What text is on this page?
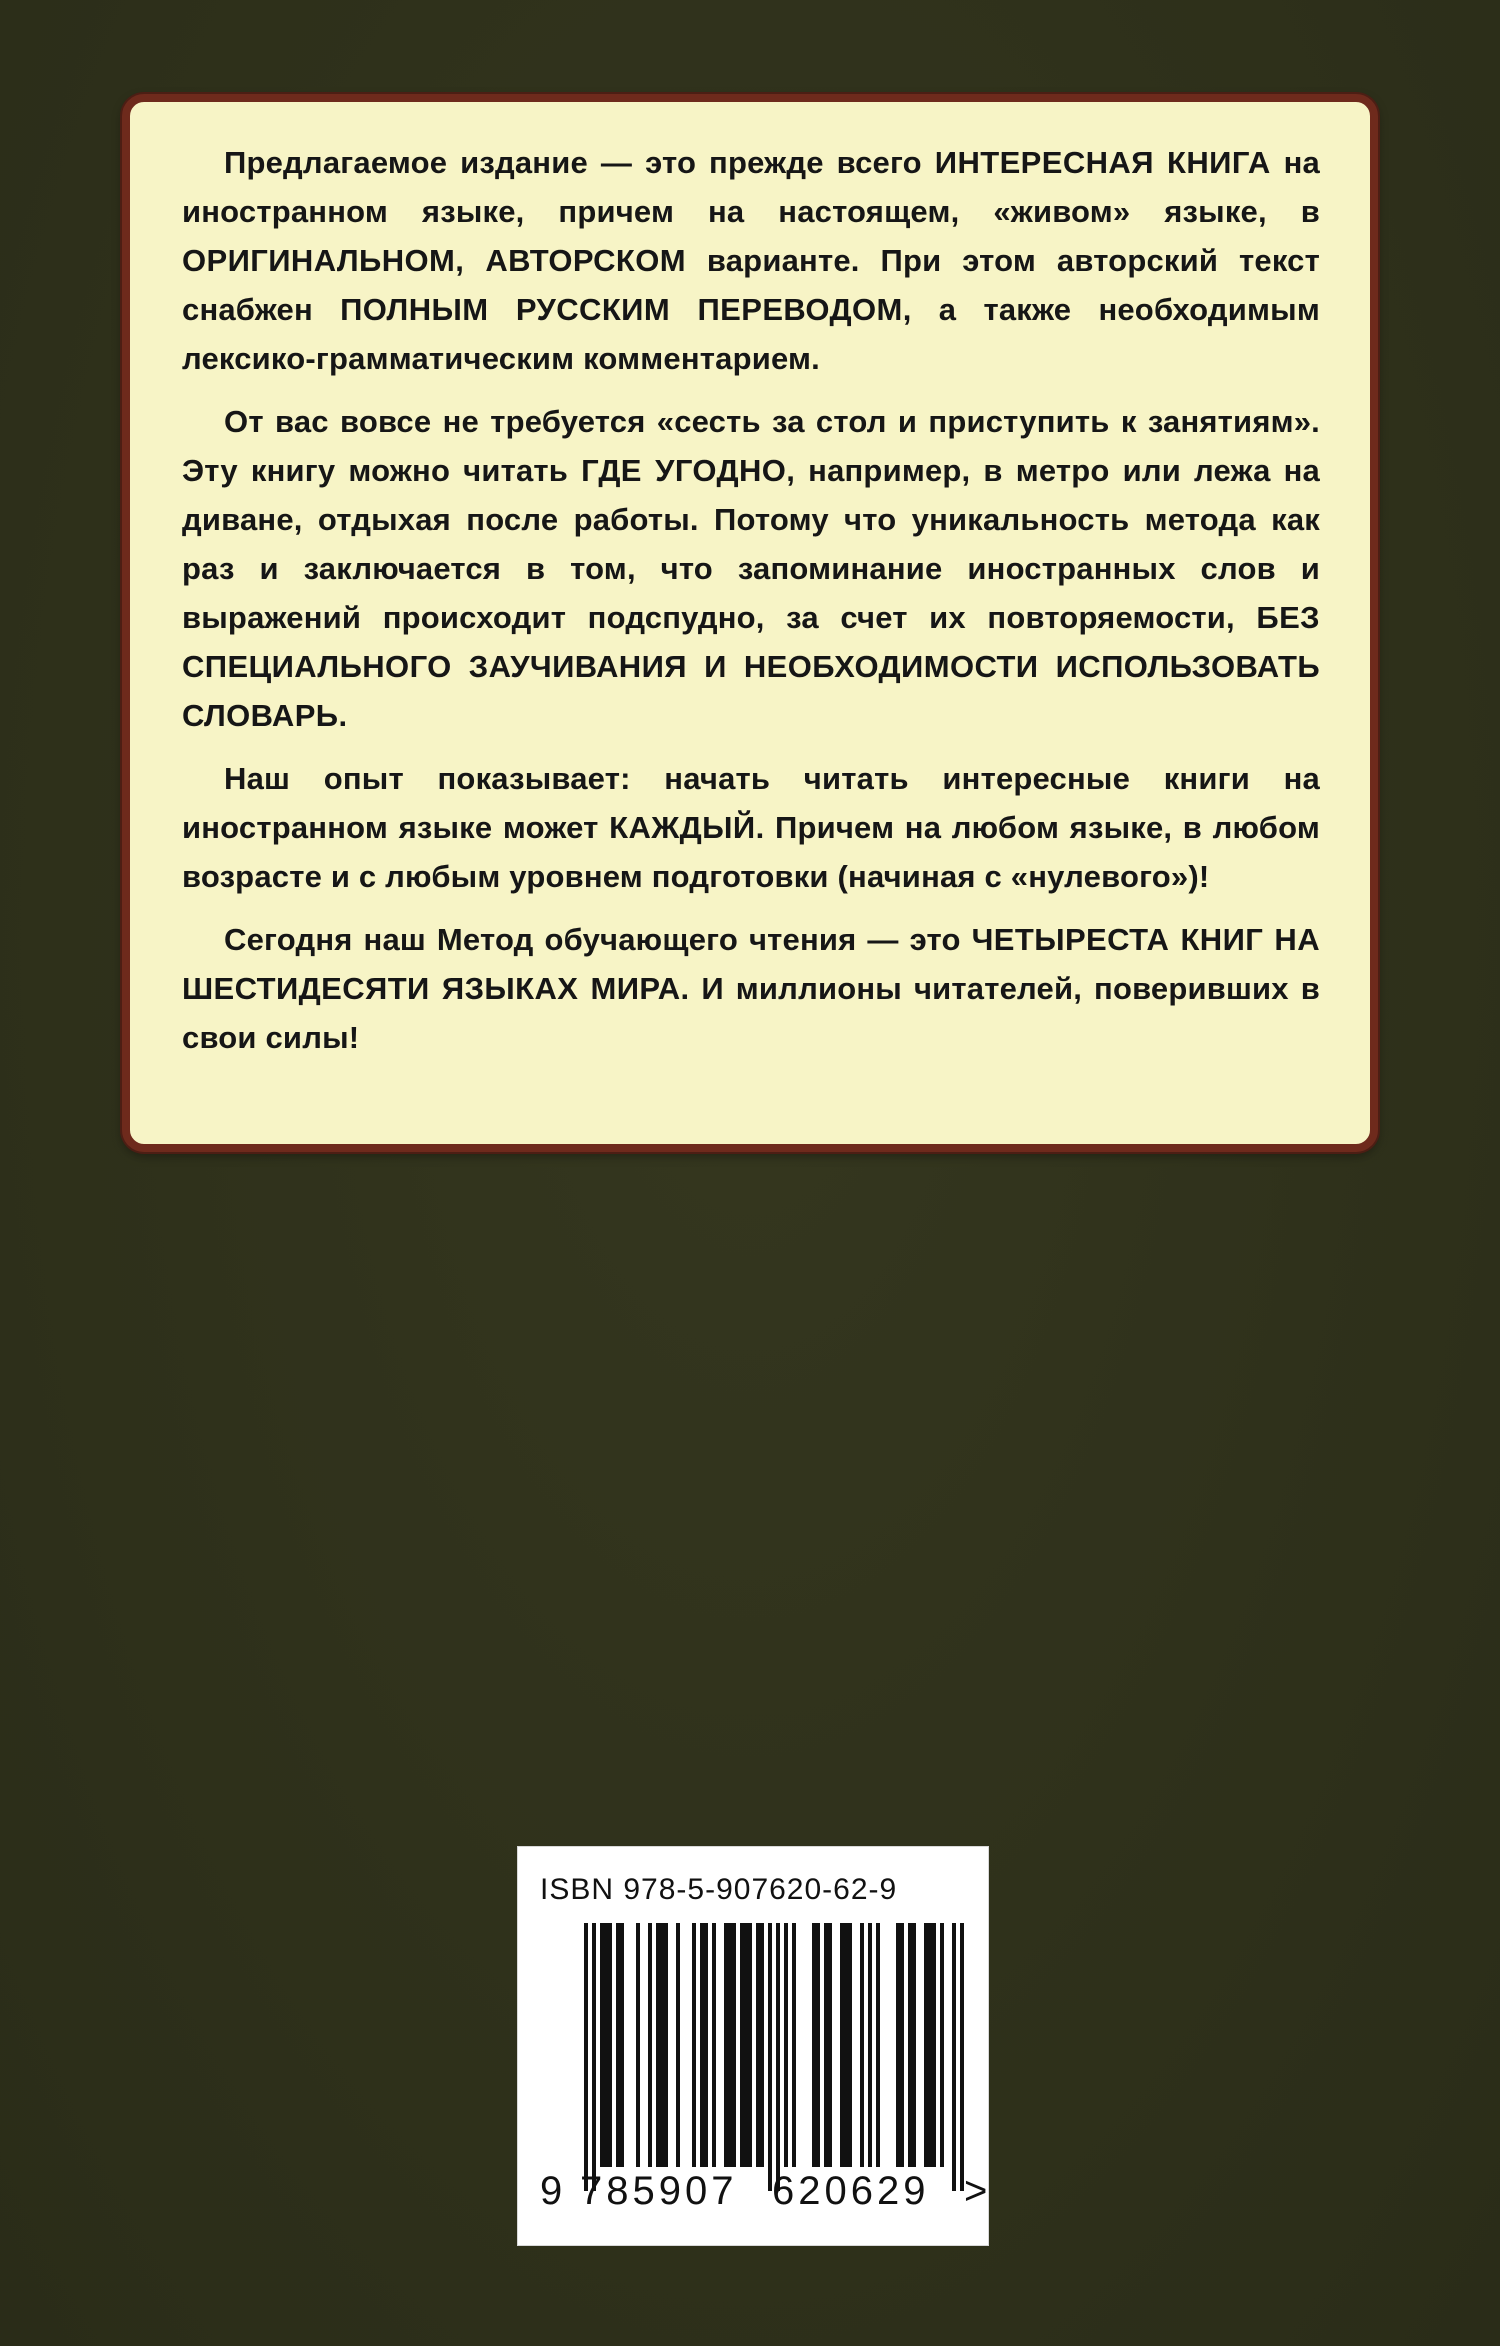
Предлагаемое издание — это прежде всего ИНТЕРЕСНАЯ КНИГА на иностранном языке, причем на настоящем, «живом» языке, в ОРИГИНАЛЬНОМ, АВТОРСКОМ варианте. При этом авторский текст снабжен ПОЛНЫМ РУССКИМ ПЕРЕВОДОМ, а также необходимым лексико-грамматическим комментарием.

От вас вовсе не требуется «сесть за стол и приступить к занятиям». Эту книгу можно читать ГДЕ УГОДНО, например, в метро или лежа на диване, отдыхая после работы. Потому что уникальность метода как раз и заключается в том, что запоминание иностранных слов и выражений происходит подспудно, за счет их повторяемости, БЕЗ СПЕЦИАЛЬНОГО ЗАУЧИВАНИЯ И НЕОБХОДИМОСТИ ИСПОЛЬЗОВАТЬ СЛОВАРЬ.

Наш опыт показывает: начать читать интересные книги на иностранном языке может КАЖДЫЙ. Причем на любом языке, в любом возрасте и с любым уровнем подготовки (начиная с «нулевого»)!

Сегодня наш Метод обучающего чтения — это ЧЕТЫРЕСТА КНИГ НА ШЕСТИДЕСЯТИ ЯЗЫКАХ МИРА. И миллионы читателей, поверивших в свои силы!

ISBN 978-5-907620-62-9
9 785907 620629 >
